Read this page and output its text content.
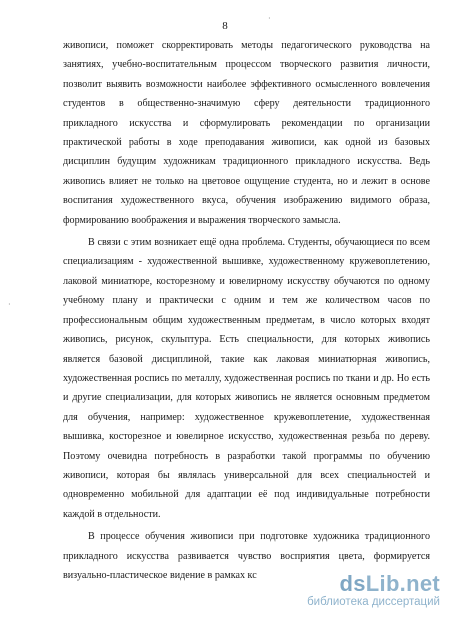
8
·
·

живописи, поможет скорректировать методы педагогического руководства на занятиях, учебно-воспитательным процессом творческого развития личности, позволит выявить возможности наиболее эффективного осмысленного вовлечения студентов в общественно-значимую сферу деятельности традиционного прикладного искусства и сформулировать рекомендации по организации практической работы в ходе преподавания живописи, как одной из базовых дисциплин будущим художникам традиционного прикладного искусства. Ведь живопись влияет не только на цветовое ощущение студента, но и лежит в основе воспитания художественного вкуса, обучения изображению видимого образа, формированию воображения и выражения творческого замысла.

В связи с этим возникает ещё одна проблема. Студенты, обучающиеся по всем специализациям - художественной вышивке, художественному кружевоплетению, лаковой миниатюре, косторезному и ювелирному искусству обучаются по одному учебному плану и практически с одним и тем же количеством часов по профессиональным общим художественным предметам, в число которых входят живопись, рисунок, скульптура. Есть специальности, для которых живопись является базовой дисциплиной, такие как лаковая миниатюрная живопись, художественная роспись по металлу, художественная роспись по ткани и др. Но есть и другие специализации, для которых живопись не является основным предметом для обучения, например: художественное кружевоплетение, художественная вышивка, косторезное и ювелирное искусство, художественная резьба по дереву. Поэтому очевидна потребность в разработки такой программы по обучению живописи, которая бы являлась универсальной для всех специальностей и одновременно мобильной для адаптации её под индивидуальные потребности каждой в отдельности.

В процессе обучения живописи при подготовке художника традиционного прикладного искусства развивается чувство восприятия цвета, формируется визуально-пластическое видение в рамках кс	dsLib.net
библиотека диссертаций
